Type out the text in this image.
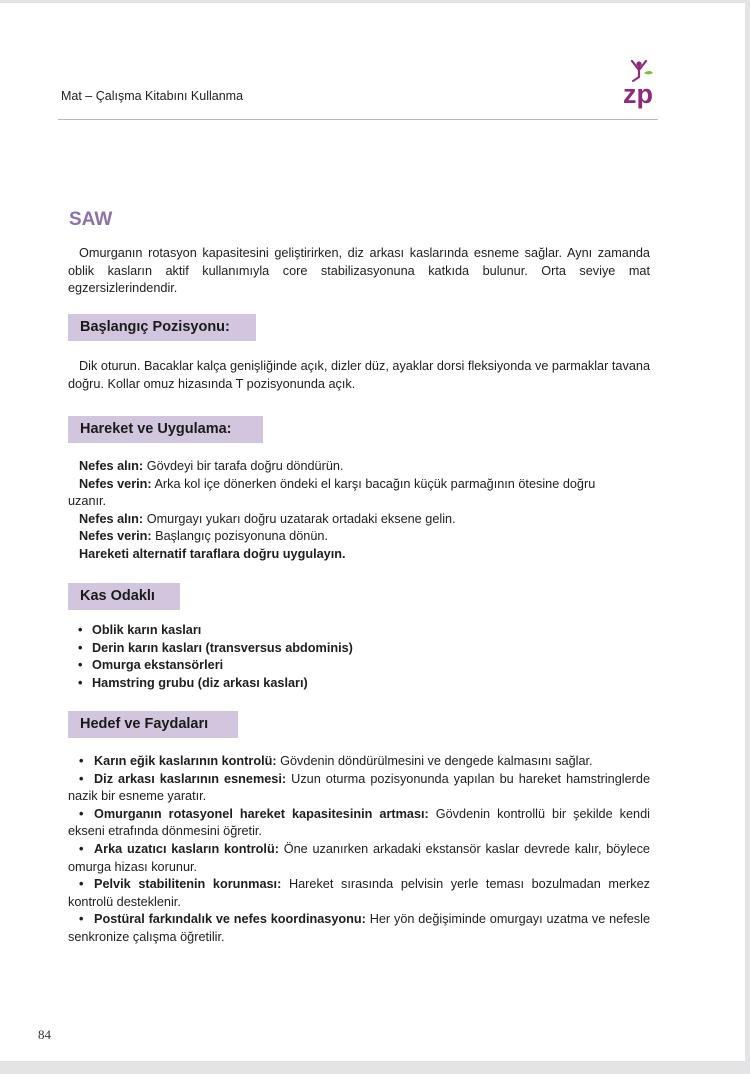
Mat – Çalışma Kitabını Kullanma	zp
SAW

Omurganın rotasyon kapasitesini geliştirirken, diz arkası kaslarında esneme sağlar. Aynı zamanda oblik kasların aktif kullanımıyla core stabilizasyonuna katkıda bulunur. Orta seviye mat egzersizlerindendir.

Başlangıç Pozisyonu:

Dik oturun. Bacaklar kalça genişliğinde açık, dizler düz, ayaklar dorsi fleksiyonda ve parmaklar tavana doğru. Kollar omuz hizasında T pozisyonunda açık.

Hareket ve Uygulama:
Nefes alın: Gövdeyi bir tarafa doğru döndürün.
Nefes verin: Arka kol içe dönerken öndeki el karşı bacağın küçük parmağının ötesine doğru
uzanır.
Nefes alın: Omurgayı yukarı doğru uzatarak ortadaki eksene gelin.
Nefes verin: Başlangıç pozisyonuna dönün.
Hareketi alternatif taraflara doğru uygulayın.
Kas Odaklı
• Oblik karın kasları
• Derin karın kasları (transversus abdominis)
• Omurga ekstansörleri
• Hamstring grubu (diz arkası kasları)
Hedef ve Faydaları

• Karın eğik kaslarının kontrolü: Gövdenin döndürülmesini ve dengede kalmasını sağlar.

• Diz arkası kaslarının esnemesi: Uzun oturma pozisyonunda yapılan bu hareket hamstringlerde nazik bir esneme yaratır.

• Omurganın rotasyonel hareket kapasitesinin artması: Gövdenin kontrollü bir şekilde kendi ekseni etrafında dönmesini öğretir.

• Arka uzatıcı kasların kontrolü: Öne uzanırken arkadaki ekstansör kaslar devrede kalır, böylece omurga hizası korunur.

• Pelvik stabilitenin korunması: Hareket sırasında pelvisin yerle teması bozulmadan merkez kontrolü desteklenir.

• Postüral farkındalık ve nefes koordinasyonu: Her yön değişiminde omurgayı uzatma ve nefesle senkronize çalışma öğretilir.

84
